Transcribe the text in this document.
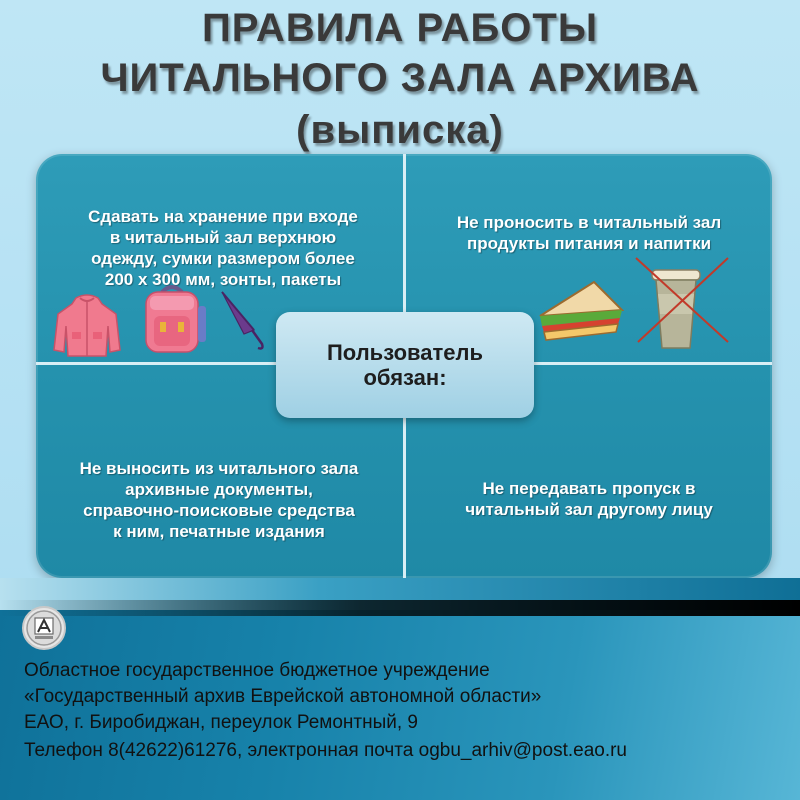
ПРАВИЛА РАБОТЫ
ЧИТАЛЬНОГО ЗАЛА АРХИВА
(выписка)
Сдавать на хранение при входе
в читальный зал верхнюю
одежду, сумки размером более
200 х 300 мм, зонты, пакеты
Не проносить в читальный зал
продукты питания и напитки
Не выносить из читального зала
архивные документы,
справочно-поисковые средства
к ним, печатные издания
Не передавать пропуск в
читальный зал другому лицу
Пользователь
обязан:
Областное государственное бюджетное учреждение
«Государственный архив Еврейской автономной области»
ЕАО, г. Биробиджан, переулок Ремонтный, 9
Телефон 8(42622)61276, электронная почта ogbu_arhiv@post.eao.ru
